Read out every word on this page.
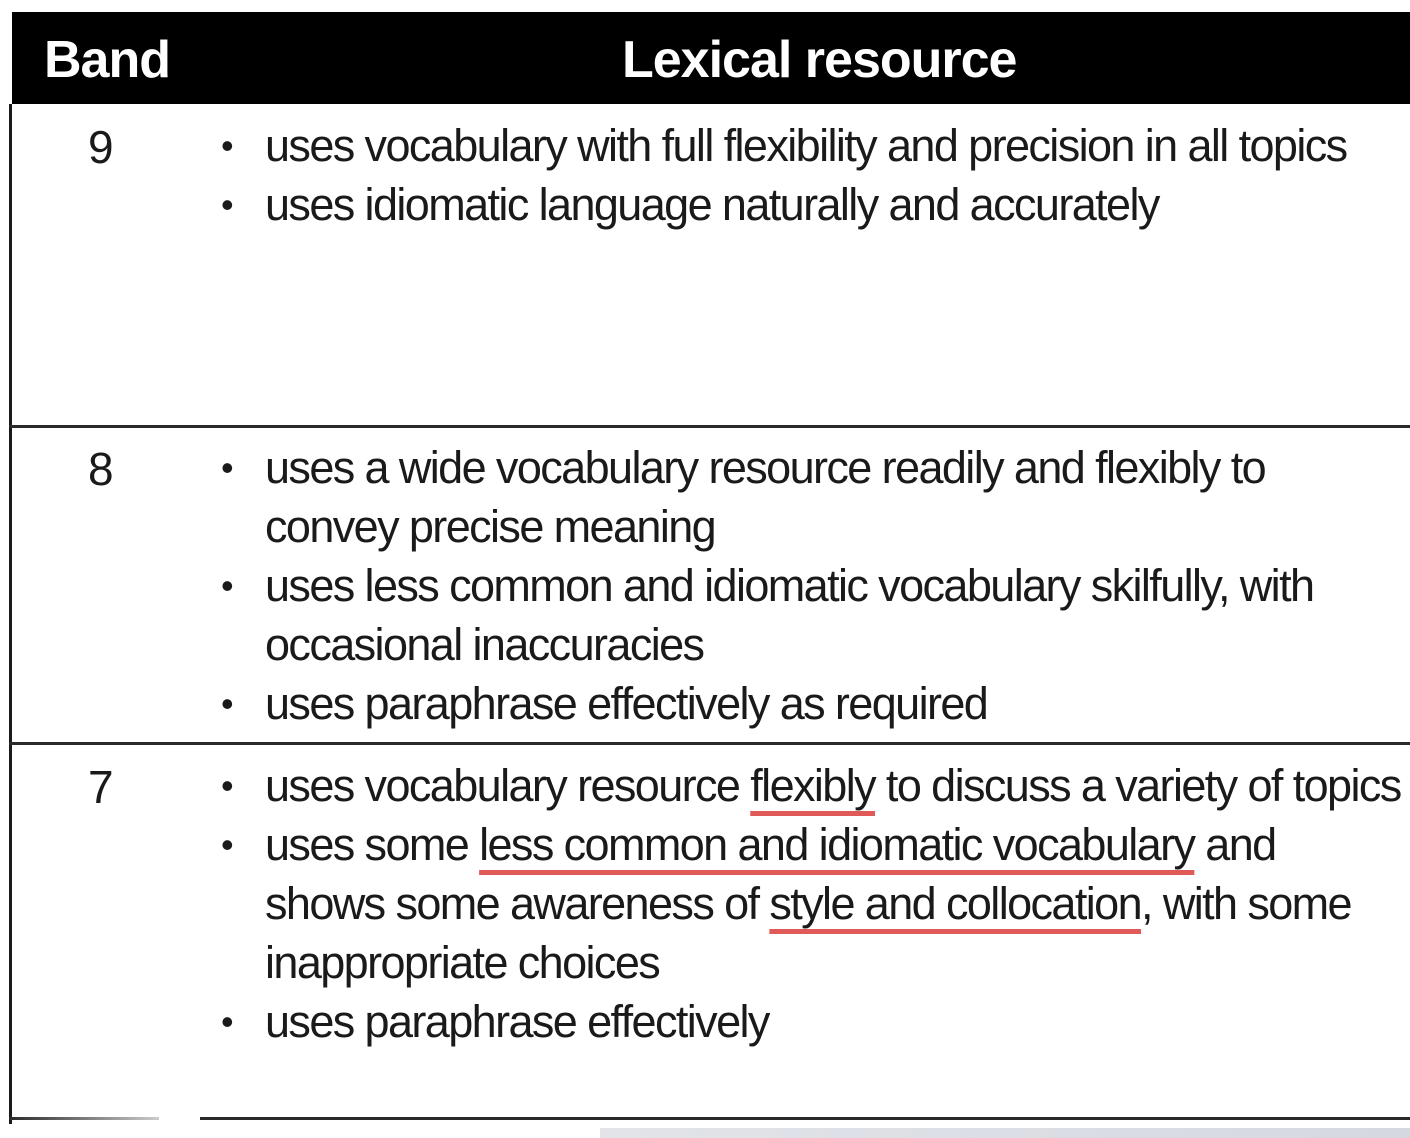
Band	Lexical resource
9	• uses vocabulary with full flexibility and precision in all topics
• uses idiomatic language naturally and accurately
8	• uses a wide vocabulary resource readily and flexibly to convey precise meaning
• uses less common and idiomatic vocabulary skilfully, with occasional inaccuracies
• uses paraphrase effectively as required
7	• uses vocabulary resource flexibly to discuss a variety of topics
• uses some less common and idiomatic vocabulary and shows some awareness of style and collocation, with some inappropriate choices
• uses paraphrase effectively
